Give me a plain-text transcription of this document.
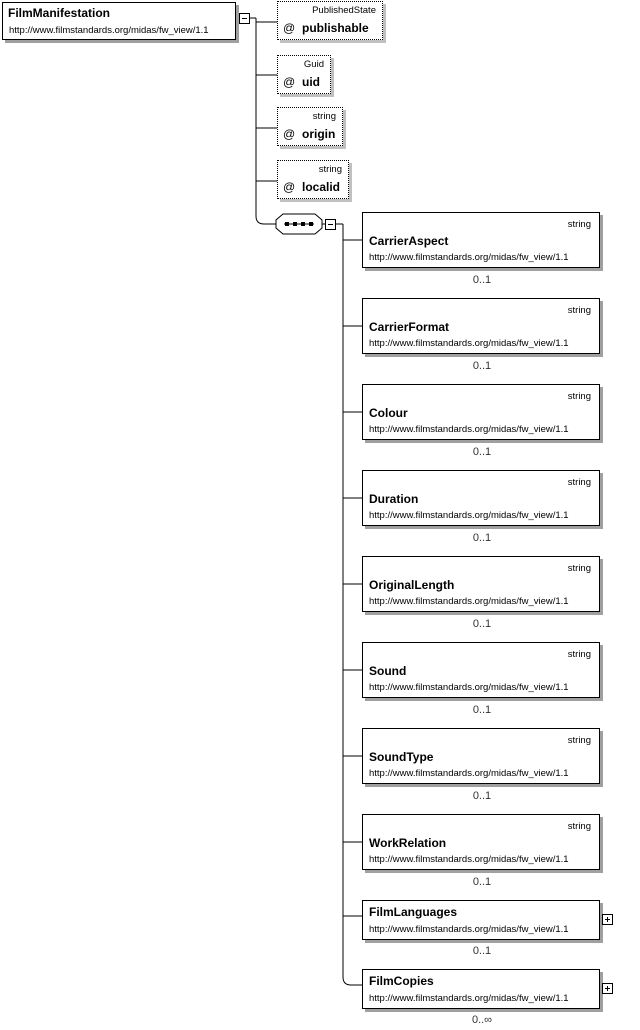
FilmManifestation
http://www.filmstandards.org/midas/fw_view/1.1
PublishedState
@ publishable
Guid
@ uid
string
@ origin
string
@ localid
string
CarrierAspect
http://www.filmstandards.org/midas/fw_view/1.1
0..1
string
CarrierFormat
http://www.filmstandards.org/midas/fw_view/1.1
0..1
string
Colour
http://www.filmstandards.org/midas/fw_view/1.1
0..1
string
Duration
http://www.filmstandards.org/midas/fw_view/1.1
0..1
string
OriginalLength
http://www.filmstandards.org/midas/fw_view/1.1
0..1
string
Sound
http://www.filmstandards.org/midas/fw_view/1.1
0..1
string
SoundType
http://www.filmstandards.org/midas/fw_view/1.1
0..1
string
WorkRelation
http://www.filmstandards.org/midas/fw_view/1.1
0..1
FilmLanguages
http://www.filmstandards.org/midas/fw_view/1.1
0..1
FilmCopies
http://www.filmstandards.org/midas/fw_view/1.1
0..∞
